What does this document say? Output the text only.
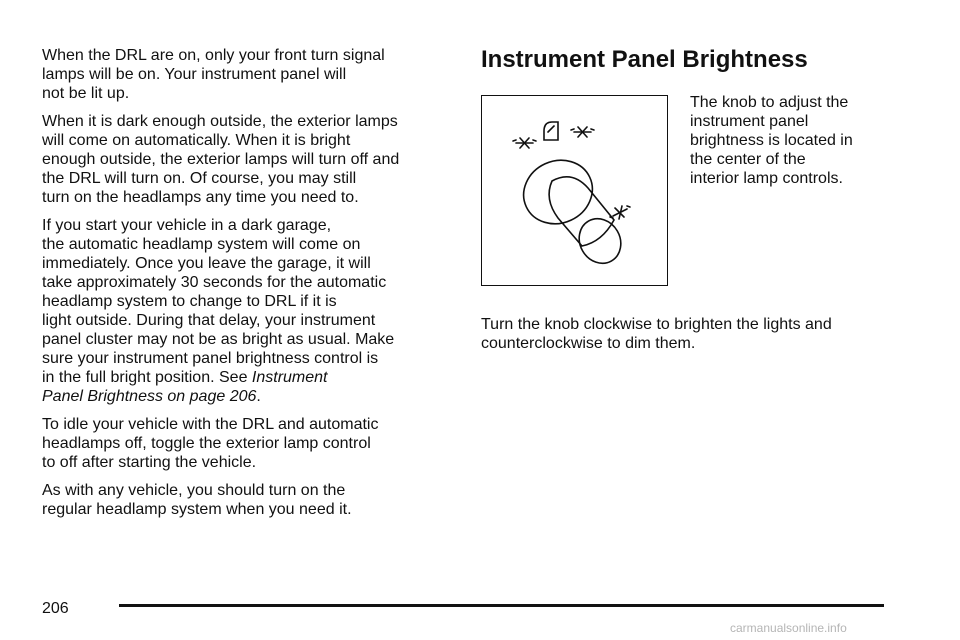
When the DRL are on, only your front turn signal
lamps will be on. Your instrument panel will
not be lit up.

When it is dark enough outside, the exterior lamps
will come on automatically. When it is bright
enough outside, the exterior lamps will turn off and
the DRL will turn on. Of course, you may still
turn on the headlamps any time you need to.

If you start your vehicle in a dark garage,
the automatic headlamp system will come on
immediately. Once you leave the garage, it will
take approximately 30 seconds for the automatic
headlamp system to change to DRL if it is
light outside. During that delay, your instrument
panel cluster may not be as bright as usual. Make
sure your instrument panel brightness control is
in the full bright position. See Instrument
Panel Brightness on page 206.

To idle your vehicle with the DRL and automatic
headlamps off, toggle the exterior lamp control
to off after starting the vehicle.

As with any vehicle, you should turn on the
regular headlamp system when you need it.

Instrument Panel Brightness
The knob to adjust the
instrument panel
brightness is located in
the center of the
interior lamp controls.
Turn the knob clockwise to brighten the lights and
counterclockwise to dim them.
206
carmanualsonline.info
